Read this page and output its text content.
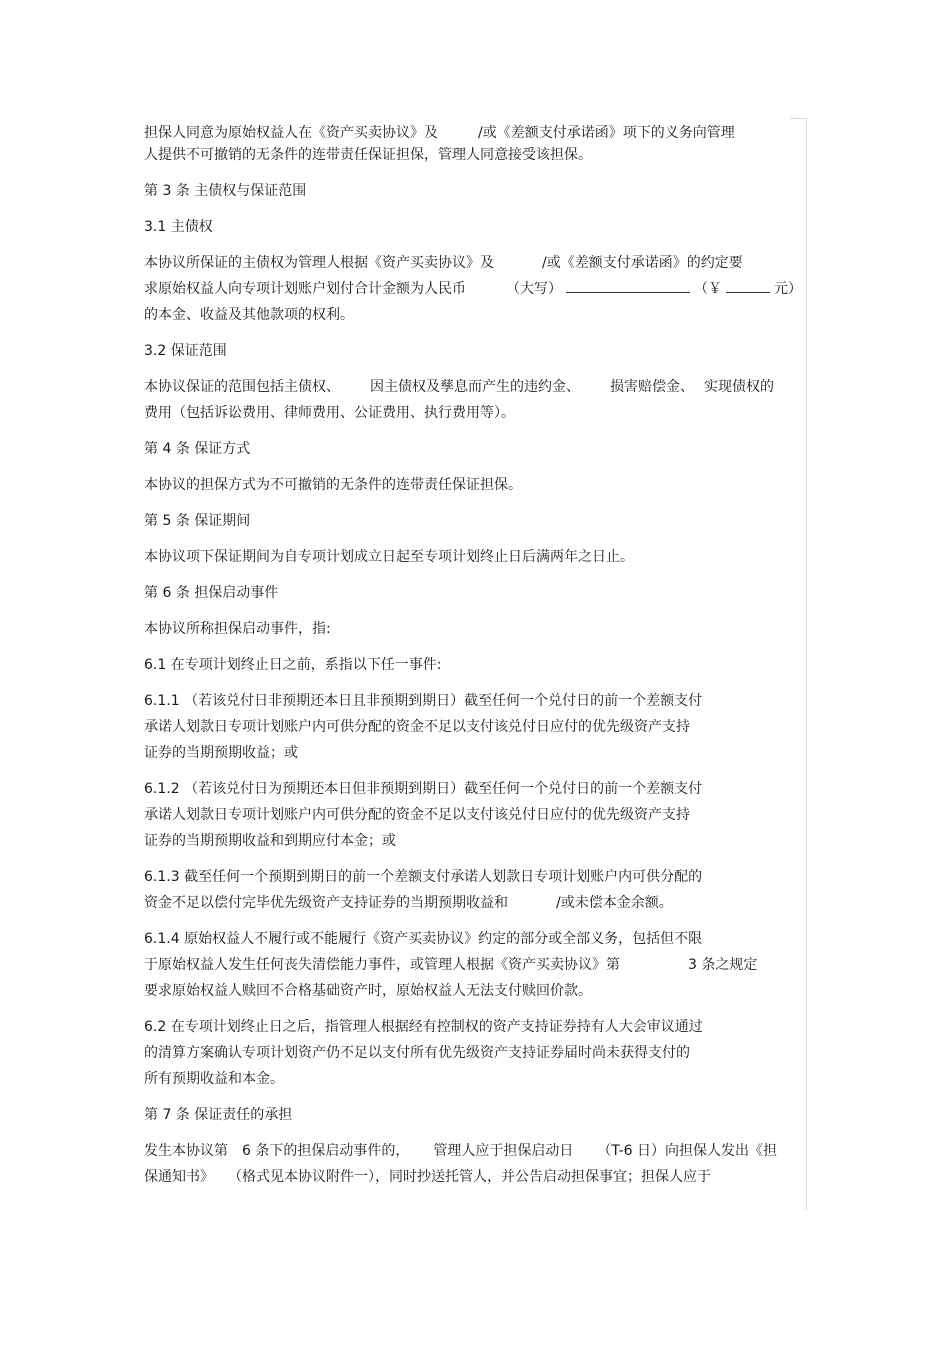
担保人同意为原始权益人在《资产买卖协议》及	/或《差额支付承诺函》项下的义务向管理
人提供不可撤销的无条件的连带责任保证担保，管理人同意接受该担保。
第 3 条 主债权与保证范围
3.1 主债权
本协议所保证的主债权为管理人根据《资产买卖协议》及	/或《差额支付承诺函》的约定要
求原始权益人向专项计划账户划付合计金额为人民币	（大写）	（￥	元）
的本金、收益及其他款项的权利。
3.2 保证范围
本协议保证的范围包括主债权、 因主债权及孳息而产生的违约金、 损害赔偿金、 实现债权的
费用（包括诉讼费用、律师费用、公证费用、执行费用等）。
第 4 条 保证方式
本协议的担保方式为不可撤销的无条件的连带责任保证担保。
第 5 条 保证期间
本协议项下保证期间为自专项计划成立日起至专项计划终止日后满两年之日止。
第 6 条 担保启动事件
本协议所称担保启动事件，指:
6.1 在专项计划终止日之前，系指以下任一事件:
6.1.1 （若该兑付日非预期还本日且非预期到期日）截至任何一个兑付日的前一个差额支付
承诺人划款日专项计划账户内可供分配的资金不足以支付该兑付日应付的优先级资产支持
证券的当期预期收益；或
6.1.2 （若该兑付日为预期还本日但非预期到期日）截至任何一个兑付日的前一个差额支付
承诺人划款日专项计划账户内可供分配的资金不足以支付该兑付日应付的优先级资产支持
证券的当期预期收益和到期应付本金；或
6.1.3 截至任何一个预期到期日的前一个差额支付承诺人划款日专项计划账户内可供分配的
资金不足以偿付完毕优先级资产支持证券的当期预期收益和	/或未偿本金余额。
6.1.4 原始权益人不履行或不能履行《资产买卖协议》约定的部分或全部义务，包括但不限
于原始权益人发生任何丧失清偿能力事件，或管理人根据《资产买卖协议》第	3 条之规定
要求原始权益人赎回不合格基础资产时，原始权益人无法支付赎回价款。
6.2 在专项计划终止日之后，指管理人根据经有控制权的资产支持证券持有人大会审议通过
的清算方案确认专项计划资产仍不足以支付所有优先级资产支持证券届时尚未获得支付的
所有预期收益和本金。
第 7 条 保证责任的承担
发生本协议第 6 条下的担保启动事件的， 管理人应于担保启动日 （T-6 日）向担保人发出《担
保通知书》 （格式见本协议附件一），同时抄送托管人，并公告启动担保事宜；担保人应于
